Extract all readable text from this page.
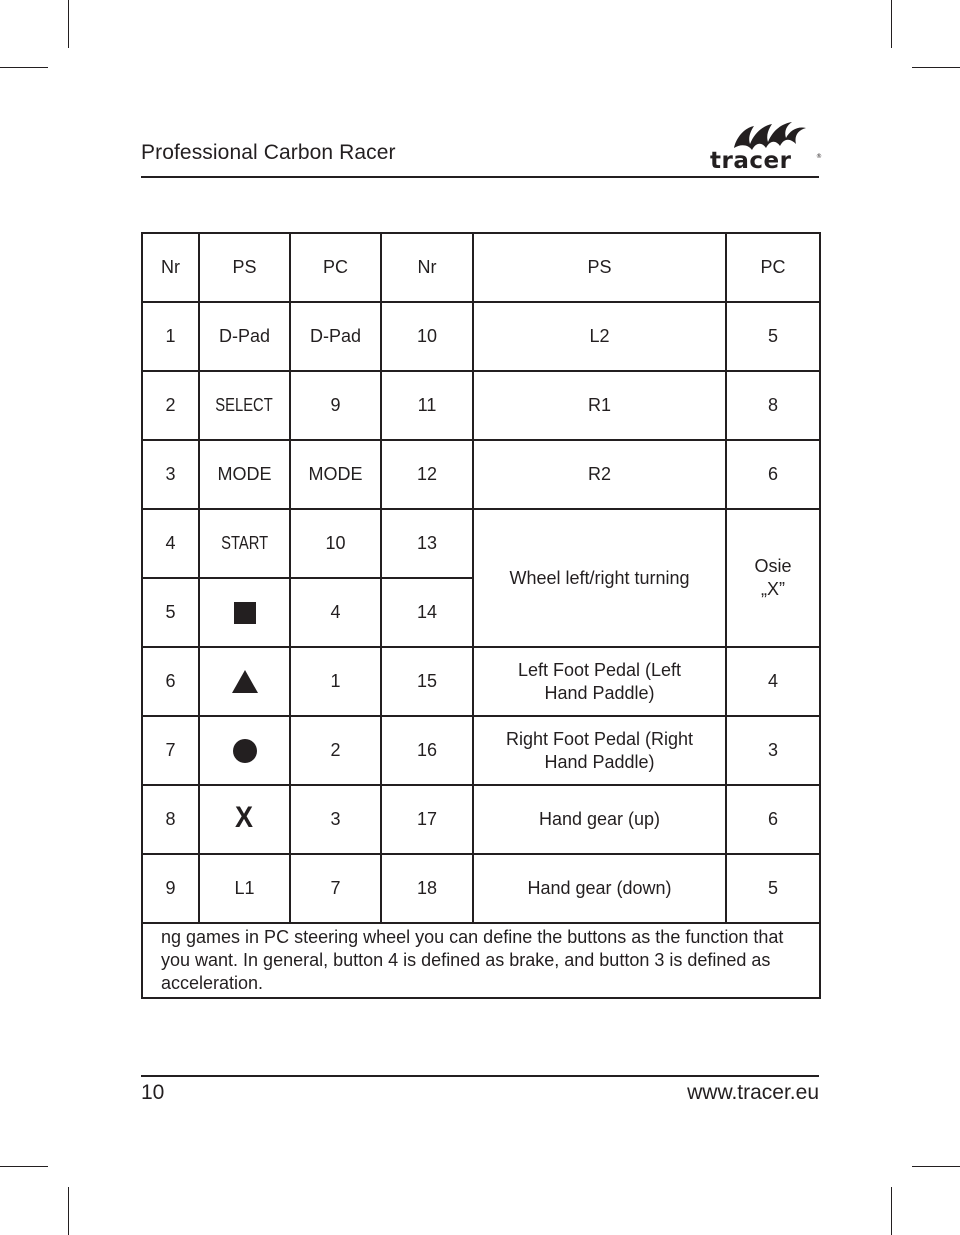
Professional Carbon Racer	tracer	®
Nr	PS	PC	Nr	PS	PC
1	D-Pad	D-Pad	10	L2	5
2	SELECT	9	11	R1	8
3	MODE	MODE	12	R2	6
4	START	10	13	Wheel left/right turning	Osie
„X”

5		4	14		
6		1	15	Left Foot Pedal (Left Hand Paddle)	4
7		2	16	Right Foot Pedal (Right Hand Paddle)	3
8	X	3	17	Hand gear (up)	6
9	L1	7	18	Hand gear (down)	5
ng games in PC steering wheel you can define the buttons as the function that you want. In general, button 4 is defined as brake, and button 3 is defined as acceleration.					
10	www.tracer.eu
